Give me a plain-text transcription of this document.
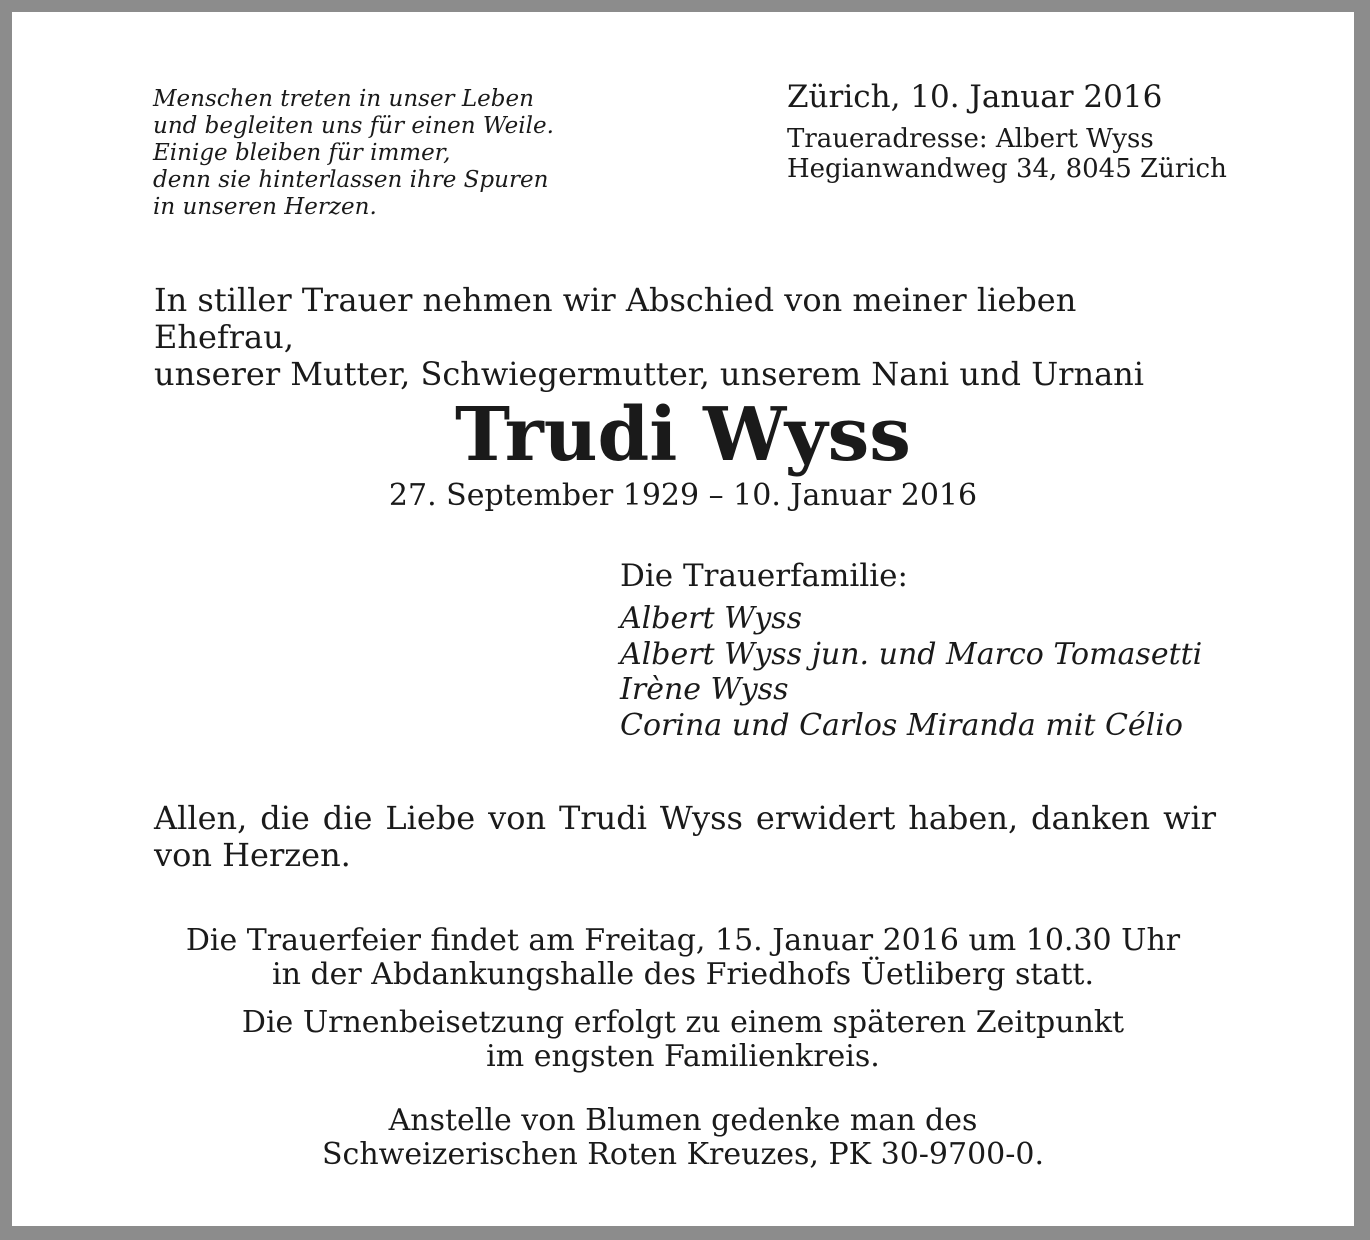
Menschen treten in unser Leben
und begleiten uns für einen Weile.
Einige bleiben für immer,
denn sie hinterlassen ihre Spuren
in unseren Herzen.
Zürich, 10. Januar 2016
Traueradresse: Albert Wyss
Hegianwandweg 34, 8045 Zürich
In stiller Trauer nehmen wir Abschied von meiner lieben Ehefrau,
unserer Mutter, Schwiegermutter, unserem Nani und Urnani
Trudi Wyss
27. September 1929 – 10. Januar 2016
Die Trauerfamilie:
Albert Wyss
Albert Wyss jun. und Marco Tomasetti
Irène Wyss
Corina und Carlos Miranda mit Célio
Allen, die die Liebe von Trudi Wyss erwidert haben, danken wir von Herzen.
Die Trauerfeier findet am Freitag, 15. Januar 2016 um 10.30 Uhr
in der Abdankungshalle des Friedhofs Üetliberg statt.
Die Urnenbeisetzung erfolgt zu einem späteren Zeitpunkt
im engsten Familienkreis.
Anstelle von Blumen gedenke man des
Schweizerischen Roten Kreuzes, PK 30-9700-0.
